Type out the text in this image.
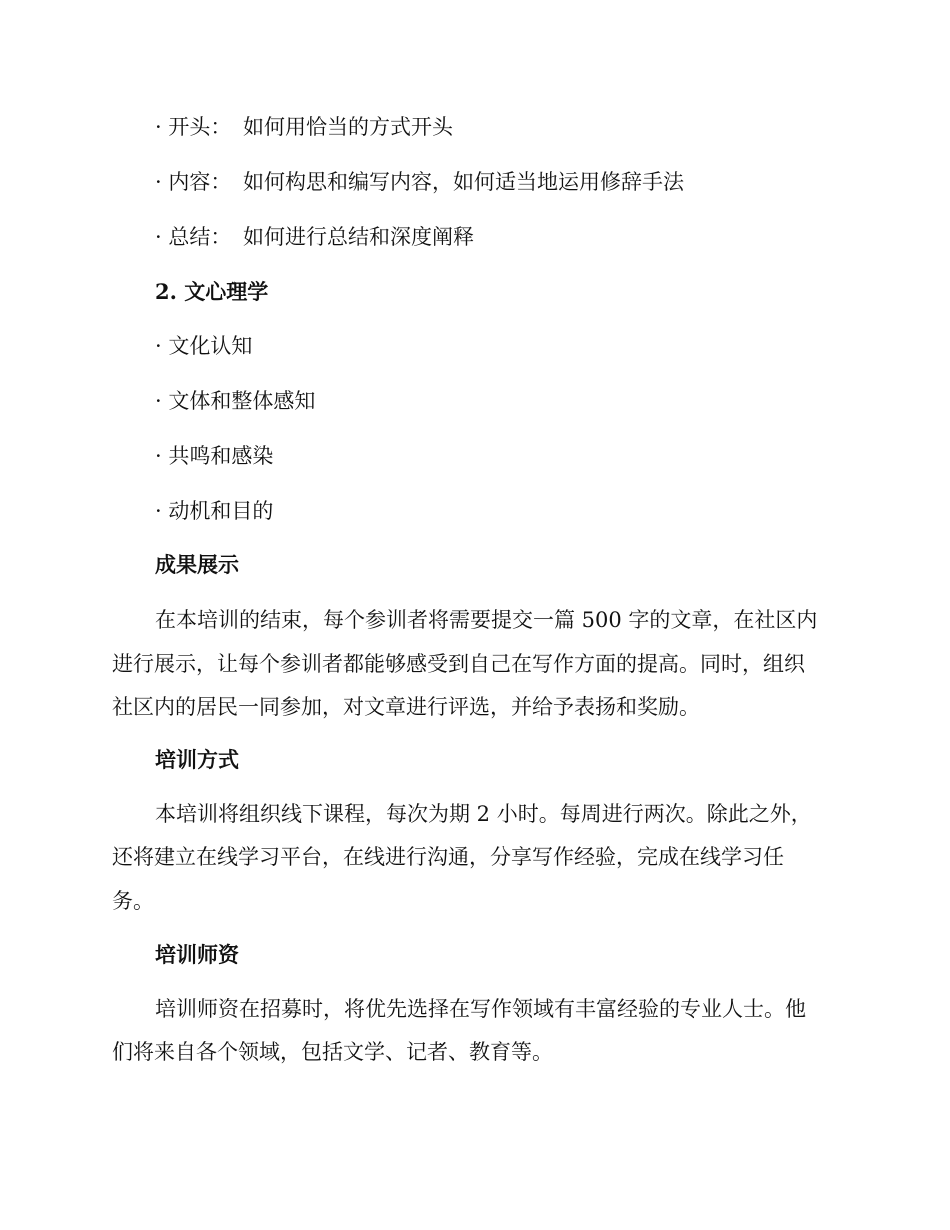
· 开头： 如何用恰当的方式开头
· 内容： 如何构思和编写内容，如何适当地运用修辞手法
· 总结： 如何进行总结和深度阐释
2. 文心理学
· 文化认知
· 文体和整体感知
· 共鸣和感染
· 动机和目的
成果展示
在本培训的结束，每个参训者将需要提交一篇 500 字的文章，在社区内
进行展示，让每个参训者都能够感受到自己在写作方面的提高。同时，组织
社区内的居民一同参加，对文章进行评选，并给予表扬和奖励。
培训方式
本培训将组织线下课程，每次为期 2 小时。每周进行两次。除此之外，
还将建立在线学习平台，在线进行沟通，分享写作经验，完成在线学习任
务。
培训师资
培训师资在招募时，将优先选择在写作领域有丰富经验的专业人士。他
们将来自各个领域，包括文学、记者、教育等。
